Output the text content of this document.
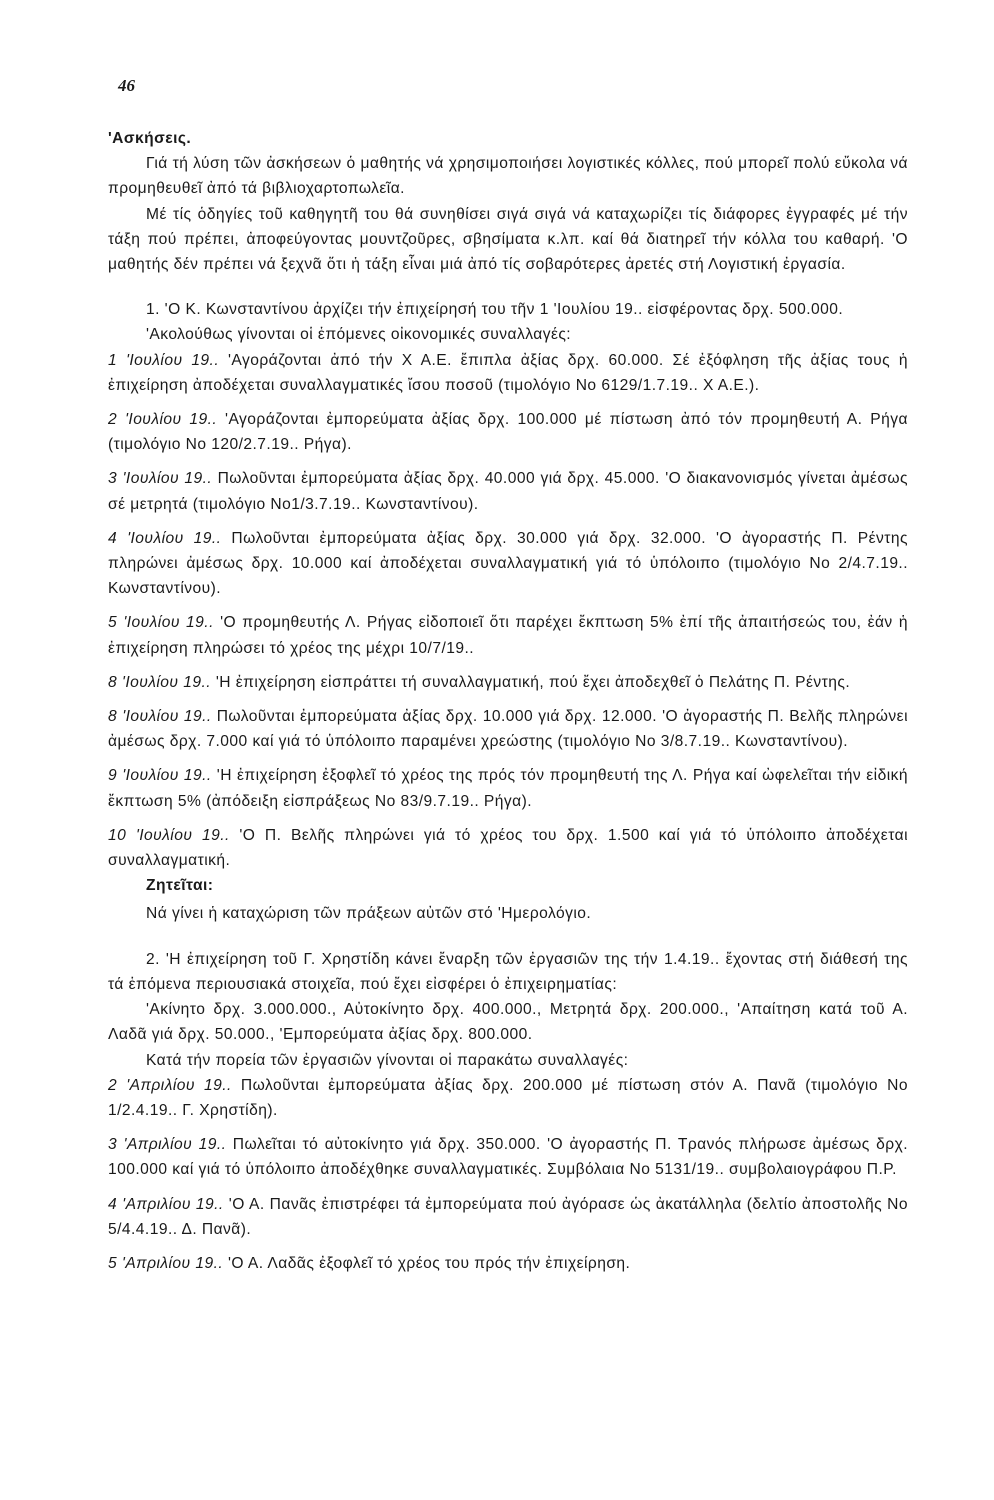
46

'Ασκήσεις.

Γιά τή λύση τῶν ἀσκήσεων ὁ μαθητής νά χρησιμοποιήσει λογιστικές κόλλες, πού μπορεῖ πολύ εὔκολα νά προμηθευθεῖ ἀπό τά βιβλιοχαρτοπωλεῖα.

Μέ τίς ὁδηγίες τοῦ καθηγητῆ του θά συνηθίσει σιγά σιγά νά καταχωρίζει τίς διάφορες ἐγγραφές μέ τήν τάξη πού πρέπει, ἀποφεύγοντας μουντζοῦρες, σβησίματα κ.λπ. καί θά διατηρεῖ τήν κόλλα του καθαρή. 'Ο μαθητής δέν πρέπει νά ξεχνᾶ ὅτι ἡ τάξη εἶναι μιά ἀπό τίς σοβαρότερες ἀρετές στή Λογιστική ἐργασία.

1. 'Ο Κ. Κωνσταντίνου ἀρχίζει τήν ἐπιχείρησή του τῆν 1 'Ιουλίου 19.. εἰσφέροντας δρχ. 500.000.

'Ακολούθως γίνονται οἱ ἑπόμενες οἰκονομικές συναλλαγές:

1 'Ιουλίου 19.. 'Αγοράζονται ἀπό τήν Χ Α.Ε. ἔπιπλα ἀξίας δρχ. 60.000. Σέ ἐξόφληση τῆς ἀξίας τους ἡ ἐπιχείρηση ἀποδέχεται συναλλαγματικές ἴσου ποσοῦ (τιμολόγιο Νο 6129/1.7.19.. Χ Α.Ε.).

2 'Ιουλίου 19.. 'Αγοράζονται ἐμπορεύματα ἀξίας δρχ. 100.000 μέ πίστωση ἀπό τόν προμηθευτή Α. Ρήγα (τιμολόγιο Νο 120/2.7.19.. Ρήγα).

3 'Ιουλίου 19.. Πωλοῦνται ἐμπορεύματα ἀξίας δρχ. 40.000 γιά δρχ. 45.000. 'Ο διακανονισμός γίνεται ἀμέσως σέ μετρητά (τιμολόγιο Νο1/3.7.19.. Κωνσταντίνου).

4 'Ιουλίου 19.. Πωλοῦνται ἐμπορεύματα ἀξίας δρχ. 30.000 γιά δρχ. 32.000. 'Ο ἀγοραστής Π. Ρέντης πληρώνει ἀμέσως δρχ. 10.000 καί ἀποδέχεται συναλλαγματική γιά τό ὑπόλοιπο (τιμολόγιο Νο 2/4.7.19.. Κωνσταντίνου).

5 'Ιουλίου 19.. 'Ο προμηθευτής Λ. Ρήγας εἰδοποιεῖ ὅτι παρέχει ἔκπτωση 5% ἐπί τῆς ἀπαιτήσεώς του, ἐάν ἡ ἐπιχείρηση πληρώσει τό χρέος της μέχρι 10/7/19..

8 'Ιουλίου 19.. 'Η ἐπιχείρηση εἰσπράττει τή συναλλαγματική, πού ἔχει ἀποδεχθεῖ ὁ Πελάτης Π. Ρέντης.

8 'Ιουλίου 19.. Πωλοῦνται ἐμπορεύματα ἀξίας δρχ. 10.000 γιά δρχ. 12.000. 'Ο ἀγοραστής Π. Βελῆς πληρώνει ἀμέσως δρχ. 7.000 καί γιά τό ὑπόλοιπο παραμένει χρεώστης (τιμολόγιο Νο 3/8.7.19.. Κωνσταντίνου).

9 'Ιουλίου 19.. 'Η ἐπιχείρηση ἐξοφλεῖ τό χρέος της πρός τόν προμηθευτή της Λ. Ρήγα καί ὠφελεῖται τήν εἰδική ἔκπτωση 5% (ἀπόδειξη εἰσπράξεως Νο 83/9.7.19.. Ρήγα).

10 'Ιουλίου 19.. 'Ο Π. Βελῆς πληρώνει γιά τό χρέος του δρχ. 1.500 καί γιά τό ὑπόλοιπο ἀποδέχεται συναλλαγματική.

Ζητεῖται:

Νά γίνει ἡ καταχώριση τῶν πράξεων αὐτῶν στό 'Ημερολόγιο.

2. 'Η ἐπιχείρηση τοῦ Γ. Χρηστίδη κάνει ἔναρξη τῶν ἐργασιῶν της τήν 1.4.19.. ἔχοντας στή διάθεσή της τά ἑπόμενα περιουσιακά στοιχεῖα, πού ἔχει εἰσφέρει ὁ ἐπιχειρηματίας:

'Ακίνητο δρχ. 3.000.000., Αὐτοκίνητο δρχ. 400.000., Μετρητά δρχ. 200.000., 'Απαίτηση κατά τοῦ Α. Λαδᾶ γιά δρχ. 50.000., 'Εμπορεύματα ἀξίας δρχ. 800.000.

Κατά τήν πορεία τῶν ἐργασιῶν γίνονται οἱ παρακάτω συναλλαγές:

2 'Απριλίου 19.. Πωλοῦνται ἐμπορεύματα ἀξίας δρχ. 200.000 μέ πίστωση στόν Α. Πανᾶ (τιμολόγιο Νο 1/2.4.19.. Γ. Χρηστίδη).

3 'Απριλίου 19.. Πωλεῖται τό αὐτοκίνητο γιά δρχ. 350.000. 'Ο ἀγοραστής Π. Τρανός πλήρωσε ἀμέσως δρχ. 100.000 καί γιά τό ὑπόλοιπο ἀποδέχθηκε συναλλαγματικές. Συμβόλαια Νο 5131/19.. συμβολαιογράφου Π.Ρ.

4 'Απριλίου 19.. 'Ο Α. Πανᾶς ἐπιστρέφει τά ἐμπορεύματα πού ἀγόρασε ὡς ἀκατάλληλα (δελτίο ἀποστολῆς Νο 5/4.4.19.. Δ. Πανᾶ).

5 'Απριλίου 19.. 'Ο Α. Λαδᾶς ἐξοφλεῖ τό χρέος του πρός τήν ἐπιχείρηση.
